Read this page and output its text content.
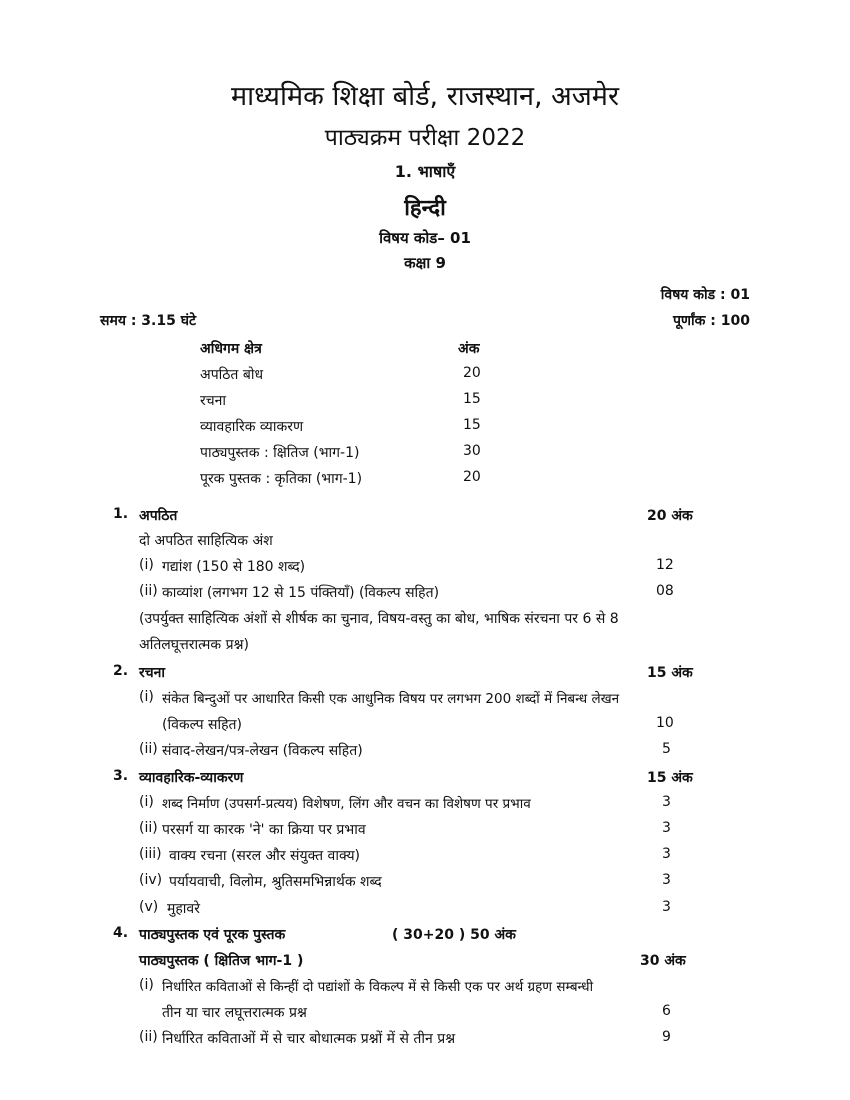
माध्यमिक शिक्षा बोर्ड, राजस्थान, अजमेर
पाठ्यक्रम परीक्षा 2022
1. भाषाएँ
हिन्दी
विषय कोड– 01
कक्षा 9
विषय कोड : 01
समय : 3.15 घंटे	पूर्णांक : 100
अधिगम क्षेत्र	अंक
अपठित बोध	20
रचना	15
व्यावहारिक व्याकरण	15
पाठ्यपुस्तक : क्षितिज (भाग-1)	30
पूरक पुस्तक : कृतिका (भाग-1)	20
1. अपठित	20 अंक
दो अपठित साहित्यिक अंश
(i) गद्यांश (150 से 180 शब्द)	12
(ii) काव्यांश (लगभग 12 से 15 पंक्तियाँ) (विकल्प सहित)	08
(उपर्युक्त साहित्यिक अंशों से शीर्षक का चुनाव, विषय-वस्तु का बोध, भाषिक संरचना पर 6 से 8
अतिलघूत्तरात्मक प्रश्न)
2. रचना	15 अंक
(i) संकेत बिन्दुओं पर आधारित किसी एक आधुनिक विषय पर लगभग 200 शब्दों में निबन्ध लेखन
(विकल्प सहित)	10
(ii) संवाद-लेखन/पत्र-लेखन (विकल्प सहित)	5
3. व्यावहारिक-व्याकरण	15 अंक
(i) शब्द निर्माण (उपसर्ग-प्रत्यय) विशेषण, लिंग और वचन का विशेषण पर प्रभाव	3
(ii) परसर्ग या कारक 'ने' का क्रिया पर प्रभाव	3
(iii) वाक्य रचना (सरल और संयुक्त वाक्य)	3
(iv) पर्यायवाची, विलोम, श्रुतिसमभिन्नार्थक शब्द	3
(v) मुहावरे	3
4. पाठ्यपुस्तक एवं पूरक पुस्तक	( 30+20 ) 50 अंक
पाठ्यपुस्तक ( क्षितिज भाग-1 )	30 अंक
(i) निर्धारित कविताओं से किन्हीं दो पद्यांशों के विकल्प में से किसी एक पर अर्थ ग्रहण सम्बन्धी
तीन या चार लघूत्तरात्मक प्रश्न	6
(ii) निर्धारित कविताओं में से चार बोधात्मक प्रश्नों में से तीन प्रश्न	9
